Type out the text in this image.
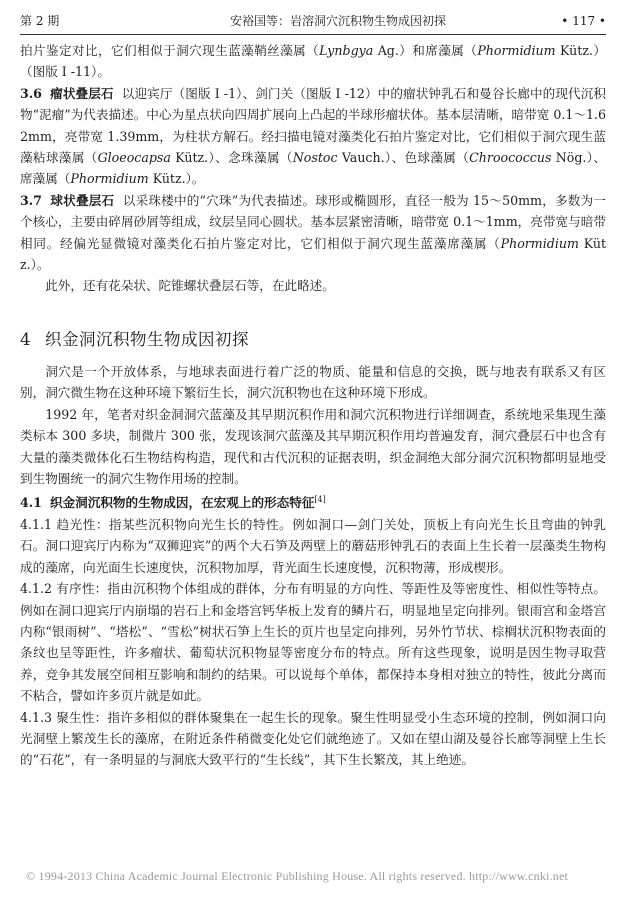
第 2 期	安裕国等：岩溶洞穴沉积物生物成因初探	• 117 •

拍片鉴定对比，它们相似于洞穴现生蓝藻鞘丝藻属（Lynbgya Ag.）和席藻属（Phormidium Kütz.）（图版 I -11）。

3.6 瘤状叠层石 以迎宾厅（图版 I -1）、剑门关（图版 I -12）中的瘤状钟乳石和曼谷长廊中的现代沉积物“泥瘤”为代表描述。中心为星点状向四周扩展向上凸起的半球形瘤状体。基本层清晰，暗带宽 0.1～1.62mm，亮带宽 1.39mm，为柱状方解石。经扫描电镜对藻类化石拍片鉴定对比，它们相似于洞穴现生蓝藻粘球藻属（Gloeocapsa Kütz.）、念珠藻属（Nostoc Vauch.）、色球藻属（Chroococcus Nӧg.）、席藻属（Phormidium Kütz.）。

3.7 球状叠层石 以采珠楼中的“穴珠”为代表描述。球形或椭圆形，直径一般为 15～50mm，多数为一个核心，主要由碎屑砂屑等组成，纹层呈同心圆状。基本层紧密清晰，暗带宽 0.1～1mm，亮带宽与暗带相同。经偏光显微镜对藻类化石拍片鉴定对比，它们相似于洞穴现生蓝藻席藻属（Phormidium Kütz.）。

此外，还有花朵状、陀锥螺状叠层石等，在此略述。

4 织金洞沉积物生物成因初探

洞穴是一个开放体系，与地球表面进行着广泛的物质、能量和信息的交换，既与地表有联系又有区别，洞穴微生物在这种环境下繁衍生长，洞穴沉积物也在这种环境下形成。

1992 年，笔者对织金洞洞穴蓝藻及其早期沉积作用和洞穴沉积物进行详细调查，系统地采集现生藻类标本 300 多块，制微片 300 张，发现该洞穴蓝藻及其早期沉积作用均普遍发育，洞穴叠层石中也含有大量的藻类微体化石生物结构构造，现代和古代沉积的证据表明，织金洞绝大部分洞穴沉积物都明显地受到生物圈统一的洞穴生物作用场的控制。

4.1 织金洞沉积物的生物成因，在宏观上的形态特征[4]

4.1.1 趋光性：指某些沉积物向光生长的特性。例如洞口—剑门关处，顶板上有向光生长且弯曲的钟乳石。洞口迎宾厅内称为“双狮迎宾”的两个大石笋及两壁上的蘑菇形钟乳石的表面上生长着一层藻类生物构成的藻席，向光面生长速度快，沉积物加厚，背光面生长速度慢，沉积物薄，形成楔形。

4.1.2 有序性：指由沉积物个体组成的群体，分布有明显的方向性、等距性及等密度性、相似性等特点。例如在洞口迎宾厅内崩塌的岩石上和金塔宫钙华板上发育的鳞片石，明显地呈定向排列。银雨宫和金塔宫内称“银雨树”、“塔松”、“雪松”树状石笋上生长的页片也呈定向排列，另外竹节状、棕榈状沉积物表面的条纹也呈等距性，许多瘤状、葡萄状沉积物显等密度分布的特点。所有这些现象，说明是因生物寻取营养，竞争其发展空间相互影响和制约的结果。可以说每个单体，都保持本身相对独立的特性，彼此分离而不粘合，譬如许多页片就是如此。

4.1.3 聚生性：指许多相似的群体聚集在一起生长的现象。聚生性明显受小生态环境的控制，例如洞口向光洞壁上繁茂生长的藻席，在附近条件稍微变化处它们就绝迹了。又如在望山湖及曼谷长廊等洞壁上生长的“石花”，有一条明显的与洞底大致平行的“生长线”，其下生长繁茂，其上绝迹。

© 1994-2013 China Academic Journal Electronic Publishing House. All rights reserved. http://www.cnki.net
